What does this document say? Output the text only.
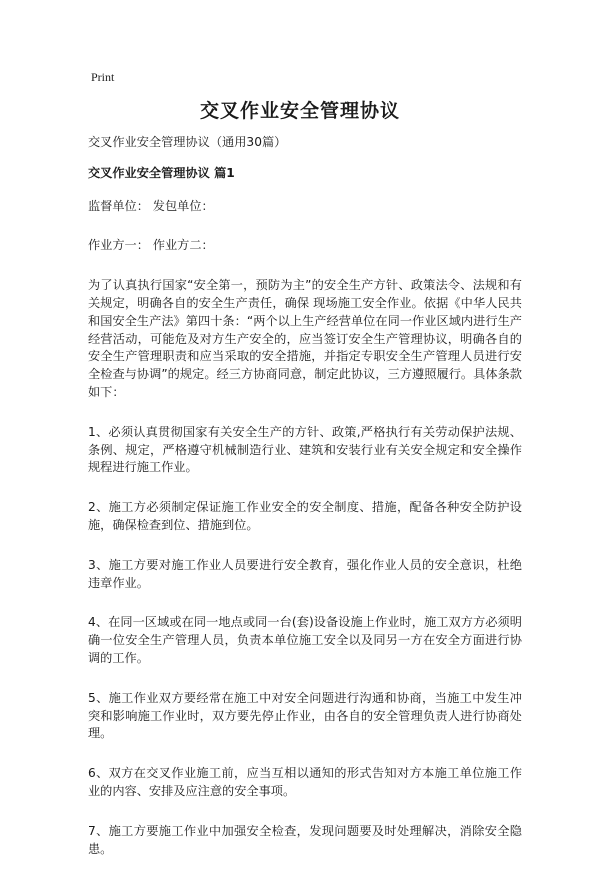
Print
交叉作业安全管理协议

交叉作业安全管理协议（通用30篇）

交叉作业安全管理协议 篇1

监督单位： 发包单位：

作业方一： 作业方二：

为了认真执行国家“安全第一，预防为主”的安全生产方针、政策法令、法规和有关规定，明确各自的安全生产责任，确保 现场施工安全作业。依据《中华人民共和国安全生产法》第四十条：“两个以上生产经营单位在同一作业区域内进行生产经营活动，可能危及对方生产安全的，应当签订安全生产管理协议，明确各自的安全生产管理职责和应当采取的安全措施，并指定专职安全生产管理人员进行安全检查与协调”的规定。经三方协商同意，制定此协议，三方遵照履行。具体条款如下：

1、必须认真贯彻国家有关安全生产的方针、政策,严格执行有关劳动保护法规、条例、规定，严格遵守机械制造行业、建筑和安装行业有关安全规定和安全操作规程进行施工作业。

2、施工方必须制定保证施工作业安全的安全制度、措施，配备各种安全防护设施，确保检查到位、措施到位。

3、施工方要对施工作业人员要进行安全教育，强化作业人员的安全意识，杜绝违章作业。

4、在同一区域或在同一地点或同一台(套)设备设施上作业时，施工双方方必须明确一位安全生产管理人员，负责本单位施工安全以及同另一方在安全方面进行协调的工作。

5、施工作业双方要经常在施工中对安全问题进行沟通和协商，当施工中发生冲突和影响施工作业时，双方要先停止作业，由各自的安全管理负责人进行协商处理。

6、双方在交叉作业施工前，应当互相以通知的形式告知对方本施工单位施工作业的内容、安排及应注意的安全事项。

7、施工方要施工作业中加强安全检查，发现问题要及时处理解决，消除安全隐患。
